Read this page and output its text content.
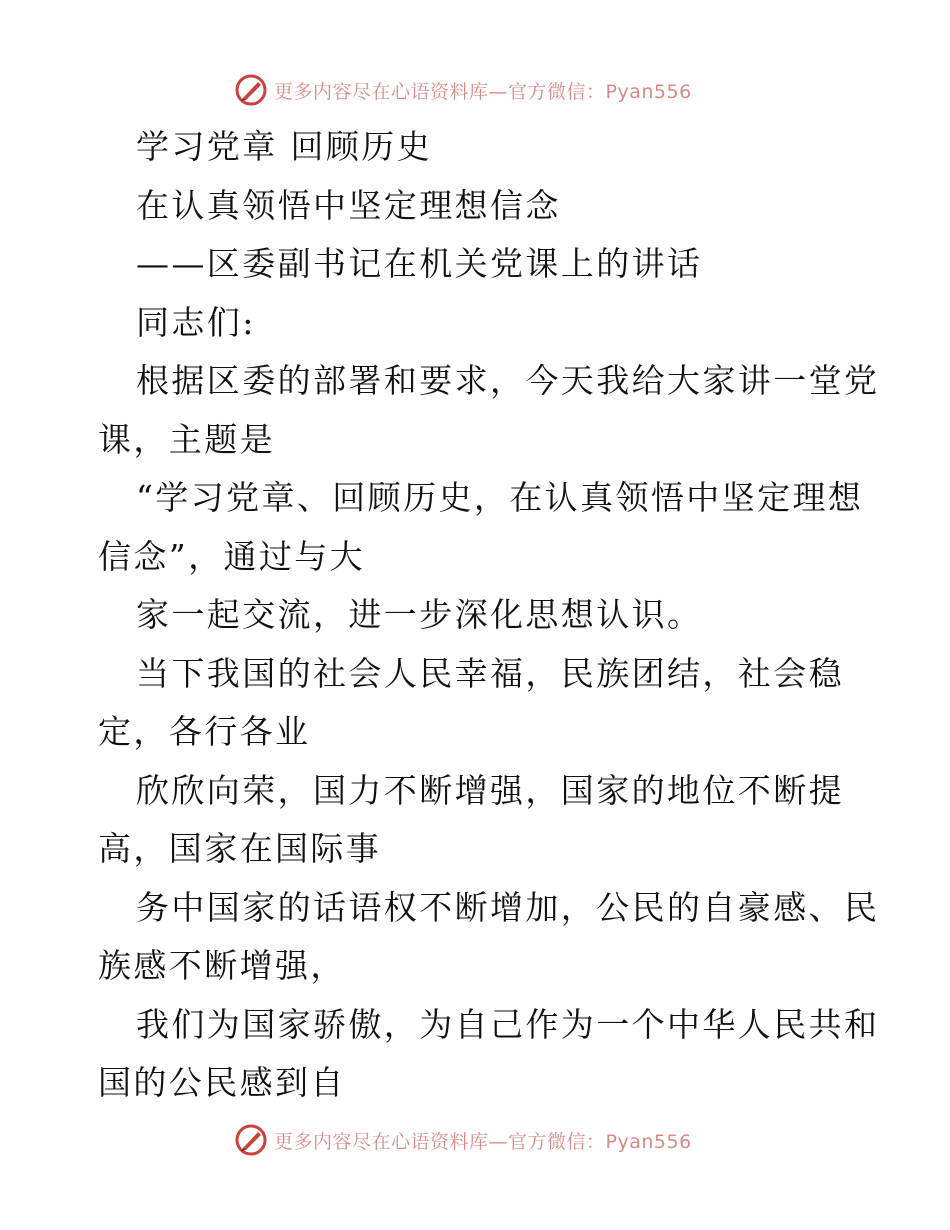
更多内容尽在心语资料库—官方微信：Pyan556
学习党章 回顾历史
在认真领悟中坚定理想信念
——区委副书记在机关党课上的讲话
同志们:
根据区委的部署和要求，今天我给大家讲一堂党
课，主题是
“学习党章、回顾历史，在认真领悟中坚定理想
信念”，通过与大
家一起交流，进一步深化思想认识。
当下我国的社会人民幸福，民族团结，社会稳
定，各行各业
欣欣向荣，国力不断增强，国家的地位不断提
高，国家在国际事
务中国家的话语权不断增加，公民的自豪感、民
族感不断增强，
我们为国家骄傲，为自己作为一个中华人民共和
国的公民感到自
更多内容尽在心语资料库—官方微信：Pyan556
